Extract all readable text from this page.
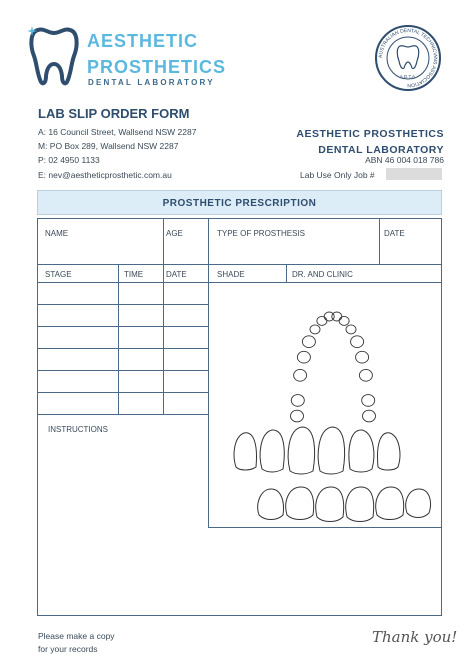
AESTHETIC
PROSTHETICS
DENTAL LABORATORY
AUSTRALIAN DENTAL TECHNICIANS ASSOCIATION
A.D.T.A.
LAB SLIP ORDER FORM
A: 16 Council Street, Wallsend NSW 2287
M: PO Box 289, Wallsend NSW 2287
P: 02 4950 1133
E: nev@aestheticprosthetic.com.au
AESTHETIC PROSTHETICS
DENTAL LABORATORY
ABN 46 004 018 786
Lab Use Only Job #
PROSTHETIC PRESCRIPTION
NAME	AGE	TYPE OF PROSTHESIS	DATE
STAGE	TIME	DATE	SHADE	DR. AND CLINIC
INSTRUCTIONS
Please make a copy
for your records
Thank you!
